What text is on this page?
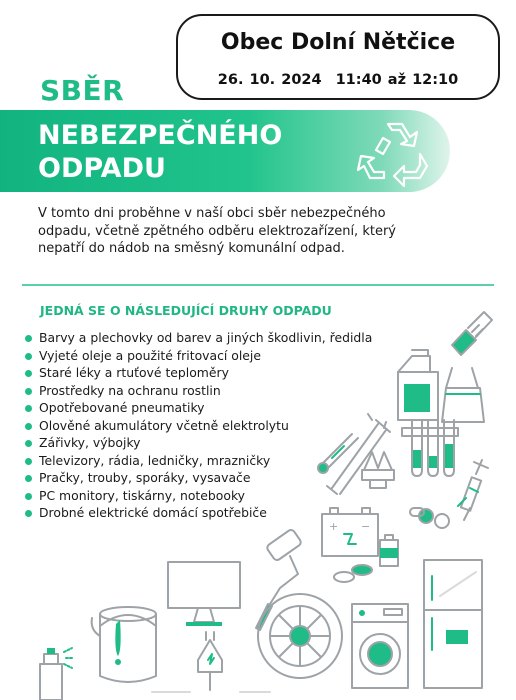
Obec Dolní Nětčice
26. 10. 2024 11:40 až 12:10
SBĚR
NEBEZPEČNÉHO
ODPADU
V tomto dni proběhne v naší obci sběr nebezpečného odpadu, včetně zpětného odběru elektrozařízení, který nepatří do nádob na směsný komunální odpad.
JEDNÁ SE O NÁSLEDUJÍCÍ DRUHY ODPADU
Barvy a plechovky od barev a jiných škodlivin, ředidla
Vyjeté oleje a použité fritovací oleje
Staré léky a rtuťové teploměry
Prostředky na ochranu rostlin
Opotřebované pneumatiky
Olověné akumulátory včetně elektrolytu
Zářivky, výbojky
Televizory, rádia, ledničky, mrazničky
Pračky, trouby, sporáky, vysavače
PC monitory, tiskárny, notebooky
Drobné elektrické domácí spotřebiče
+ −
